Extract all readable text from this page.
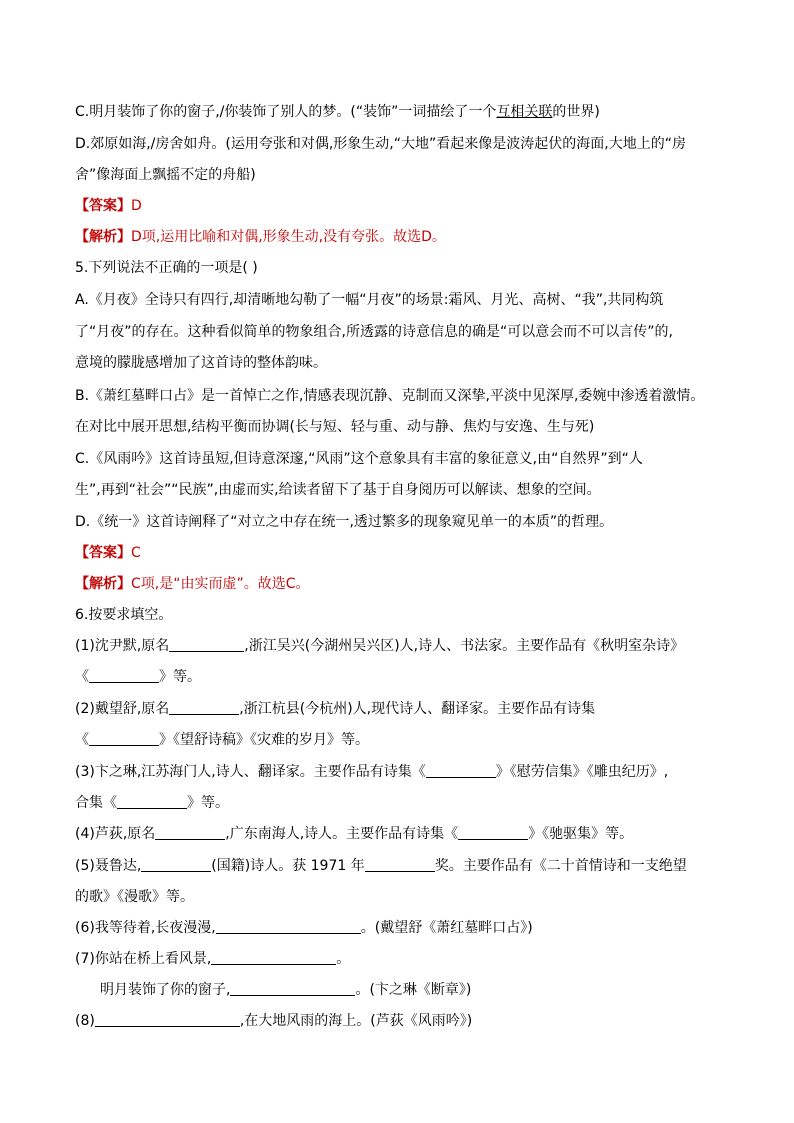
C.明月装饰了你的窗子,/你装饰了别人的梦。(“装饰”一词描绘了一个互相关联的世界)
D.郊原如海,/房舍如舟。(运用夸张和对偶,形象生动,“大地”看起来像是波涛起伏的海面,大地上的“房
舍”像海面上飘摇不定的舟船)
【答案】D
【解析】D项,运用比喻和对偶,形象生动,没有夸张。故选D。
5.下列说法不正确的一项是( )
A.《月夜》全诗只有四行,却清晰地勾勒了一幅“月夜”的场景:霜风、月光、高树、“我”,共同构筑
了“月夜”的存在。这种看似简单的物象组合,所透露的诗意信息的确是“可以意会而不可以言传”的,
意境的朦胧感增加了这首诗的整体韵味。
B.《萧红墓畔口占》是一首悼亡之作,情感表现沉静、克制而又深挚,平淡中见深厚,委婉中渗透着激情。
在对比中展开思想,结构平衡而协调(长与短、轻与重、动与静、焦灼与安逸、生与死)
C.《风雨吟》这首诗虽短,但诗意深邃,“风雨”这个意象具有丰富的象征意义,由“自然界”到“人
生”,再到“社会”“民族”,由虚而实,给读者留下了基于自身阅历可以解读、想象的空间。
D.《统一》这首诗阐释了“对立之中存在统一,透过繁多的现象窥见单一的本质”的哲理。
【答案】C
【解析】C项,是“由实而虚”。故选C。
6.按要求填空。
(1)沈尹默,原名	,浙江吴兴(今湖州吴兴区)人,诗人、书法家。主要作品有《秋明室杂诗》
《	》等。
(2)戴望舒,原名	,浙江杭县(今杭州)人,现代诗人、翻译家。主要作品有诗集
《	》《望舒诗稿》《灾难的岁月》等。
(3)卞之琳,江苏海门人,诗人、翻译家。主要作品有诗集《	》《慰劳信集》《雕虫纪历》,
合集《	》等。
(4)芦荻,原名	,广东南海人,诗人。主要作品有诗集《	》《驰驱集》等。
(5)聂鲁达,	(国籍)诗人。获 1971 年	奖。主要作品有《二十首情诗和一支绝望
的歌》《漫歌》等。
(6)我等待着,长夜漫漫,	。(戴望舒《萧红墓畔口占》)
(7)你站在桥上看风景,	。
明月装饰了你的窗子,	。(卞之琳《断章》)
(8)	,在大地风雨的海上。(芦荻《风雨吟》)
